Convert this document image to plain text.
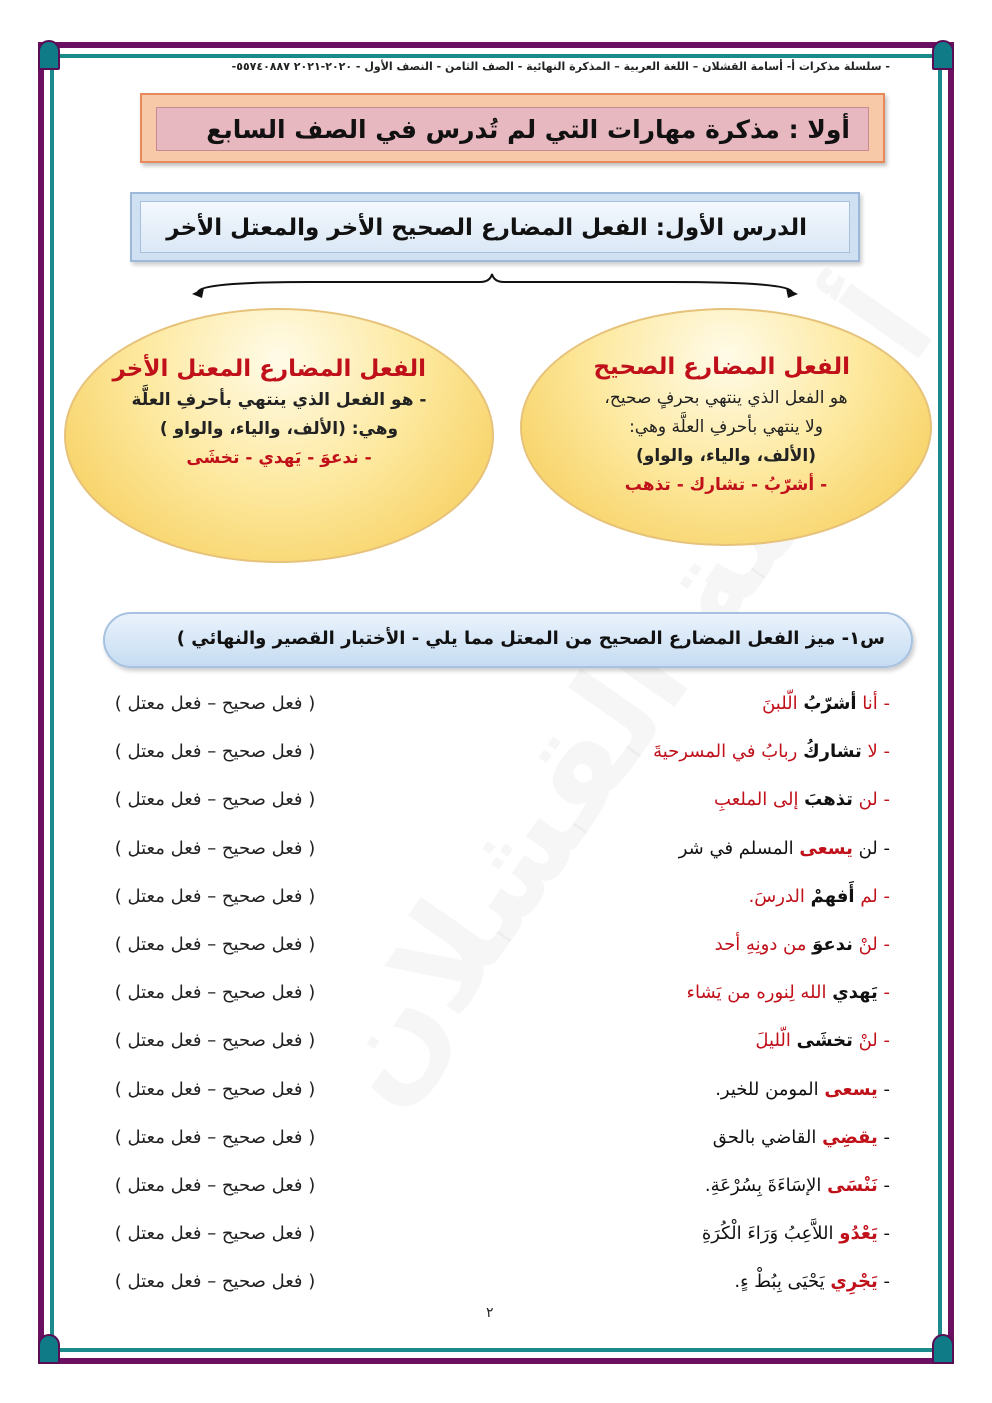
- سلسلة مذكرات أ- أسامة القشلان – اللغة العربية – المذكرة النهائية - الصف الثامن - النصف الأول - ٢٠٢٠-٢٠٢١ ٥٥٧٤٠٨٨٧-
أولا : مذكرة مهارات التي لم تُدرس في الصف السابع
الدرس الأول: الفعل المضارع الصحيح الأخر والمعتل الأخر
الفعل المضارع الصحيح

هو الفعل الذي ينتهي بحرفٍ صحيح،

ولا ينتهي بأحرفِ العلَّة وهي:

(الألف، والياء، والواو)

- أشرّبُ - تشارك - تذهب

الفعل المضارع المعتل الأخر

- هو الفعل الذي ينتهي بأحرفِ العلَّة

وهي: (الألف، والياء، والواو )

- ندعوَ - يَهدي - تخشَى

س١- ميز الفعل المضارع الصحيح من المعتل مما يلي - الأختبار القصير والنهائي )
- أنا أشرّبُ الّلبنَ
( فعل صحيح – فعل معتل )
- لا تشاركُ ربابُ في المسرحيةَ
( فعل صحيح – فعل معتل )
- لن تذهبَ إلى الملعبِ
( فعل صحيح – فعل معتل )
- لن يسعى المسلم في شر
( فعل صحيح – فعل معتل )
- لم أَفهمْ الدرسَ.
( فعل صحيح – فعل معتل )
- لنْ ندعوَ من دونِهِ أحد
( فعل صحيح – فعل معتل )
- يَهدي الله لِنوره من يَشاء
( فعل صحيح – فعل معتل )
- لنْ تخشَى الّليلَ
( فعل صحيح – فعل معتل )
- يسعى المومن للخير.
( فعل صحيح – فعل معتل )
- يقضِي القاضي بالحق
( فعل صحيح – فعل معتل )
- نَنْسَى الإسَاءَةَ بِسُرْعَةِ.
( فعل صحيح – فعل معتل )
- يَعْدُو اللاَّعِبُ وَرَاءَ الْكُرَةِ
( فعل صحيح – فعل معتل )
- يَجْرِي يَحْيَى بِبُطْ ءٍ.
( فعل صحيح – فعل معتل )
٢
